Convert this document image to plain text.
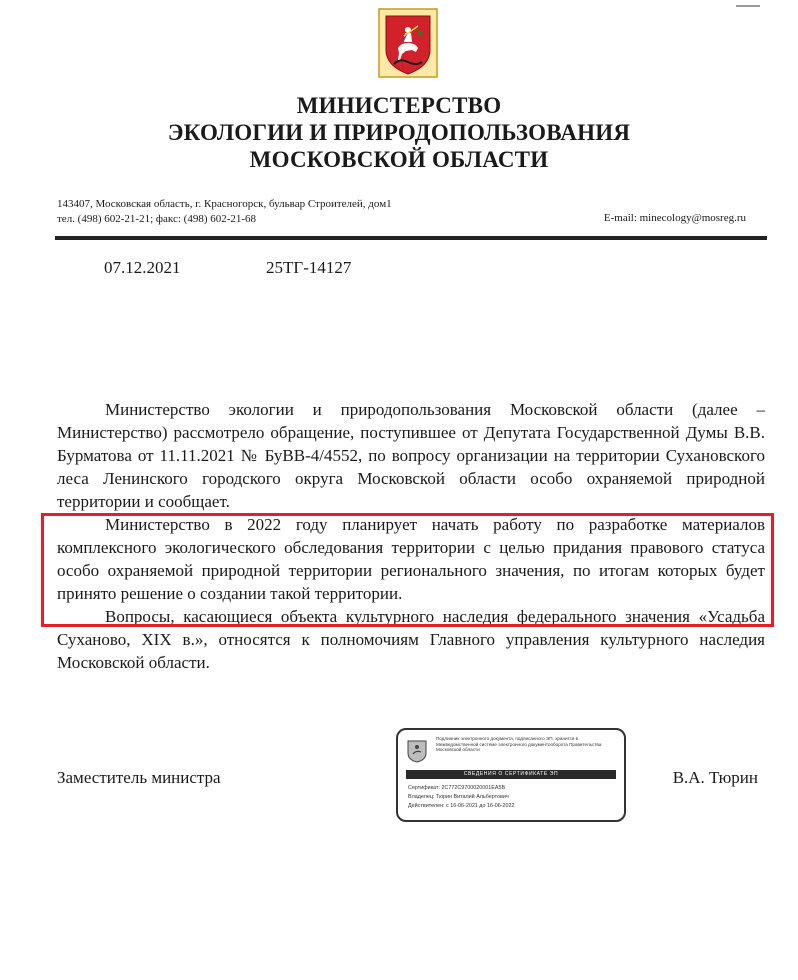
МИНИСТЕРСТВО
ЭКОЛОГИИ И ПРИРОДОПОЛЬЗОВАНИЯ
МОСКОВСКОЙ ОБЛАСТИ
143407, Московская область, г. Красногорск, бульвар Строителей, дом1
тел. (498) 602-21-21; факс: (498) 602-21-68	E-mail: minecology@mosreg.ru
07.12.2021	25ТГ-14127

Министерство экологии и природопользования Московской области (далее – Министерство) рассмотрело обращение, поступившее от Депутата Государственной Думы В.В. Бурматова от 11.11.2021 № БуВВ-4/4552, по вопросу организации на территории Сухановского леса Ленинского городского округа Московской области особо охраняемой природной территории и сообщает.

Министерство в 2022 году планирует начать работу по разработке материалов комплексного экологического обследования территории с целью придания правового статуса особо охраняемой природной территории регионального значения, по итогам которых будет принято решение о создании такой территории.

Вопросы, касающиеся объекта культурного наследия федерального значения «Усадьба Суханово, XIX в.», относятся к полномочиям Главного управления культурного наследия Московской области.

Заместитель министра	В.А. Тюрин
Подлинник электронного документа, подписанного ЭП, хранится в Межведомственной системе электронного документооборота Правительства Московской области
СВЕДЕНИЯ О СЕРТИФИКАТЕ ЭП
Сертификат: 2C772C9700020001EA5B
Владелец: Тюрин Виталий Альбертович
Действителен: с 16-06-2021 до 16-06-2022
